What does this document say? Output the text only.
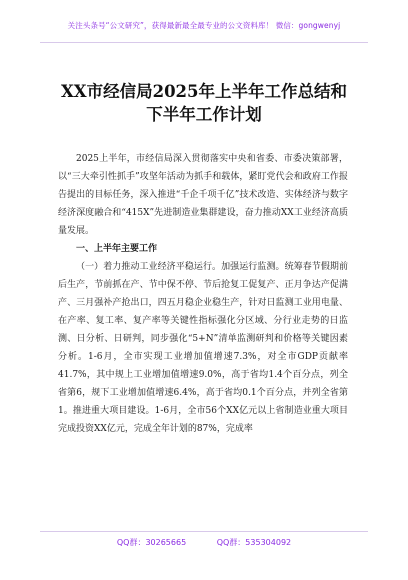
关注头条号“公文研究”，获得最新最全最专业的公文资料库！ 微信：gongwenyj
XX市经信局2025年上半年工作总结和
下半年工作计划

2025上半年，市经信局深入贯彻落实中央和省委、市委决策部署，以“三大牵引性抓手”攻坚年活动为抓手和载体，紧盯党代会和政府工作报告提出的目标任务，深入推进“千企千项千亿”技术改造、实体经济与数字经济深度融合和“415X”先进制造业集群建设，奋力推动XX工业经济高质量发展。

一、上半年主要工作

（一）着力推动工业经济平稳运行。加强运行监测。统筹春节假期前后生产，节前抓在产、节中保不停、节后抢复工促复产、正月争达产促满产、三月强补产抢出口，四五月稳企业稳生产，针对日监测工业用电量、在产率、复工率、复产率等关键性指标强化分区域、分行业走势的日监测、日分析、日研判，同步强化“5+N”清单监测研判和价格等关键因素分析。1-6月，全市实现工业增加值增速7.3%，对全市GDP贡献率41.7%，其中规上工业增加值增速9.0%，高于省均1.4个百分点，列全省第6，规下工业增加值增速6.4%，高于省均0.1个百分点，并列全省第1。推进重大项目建设。1-6月，全市56个XX亿元以上省制造业重大项目完成投资XX亿元，完成全年计划的87%，完成率

QQ群：30265665	QQ群：535304092
